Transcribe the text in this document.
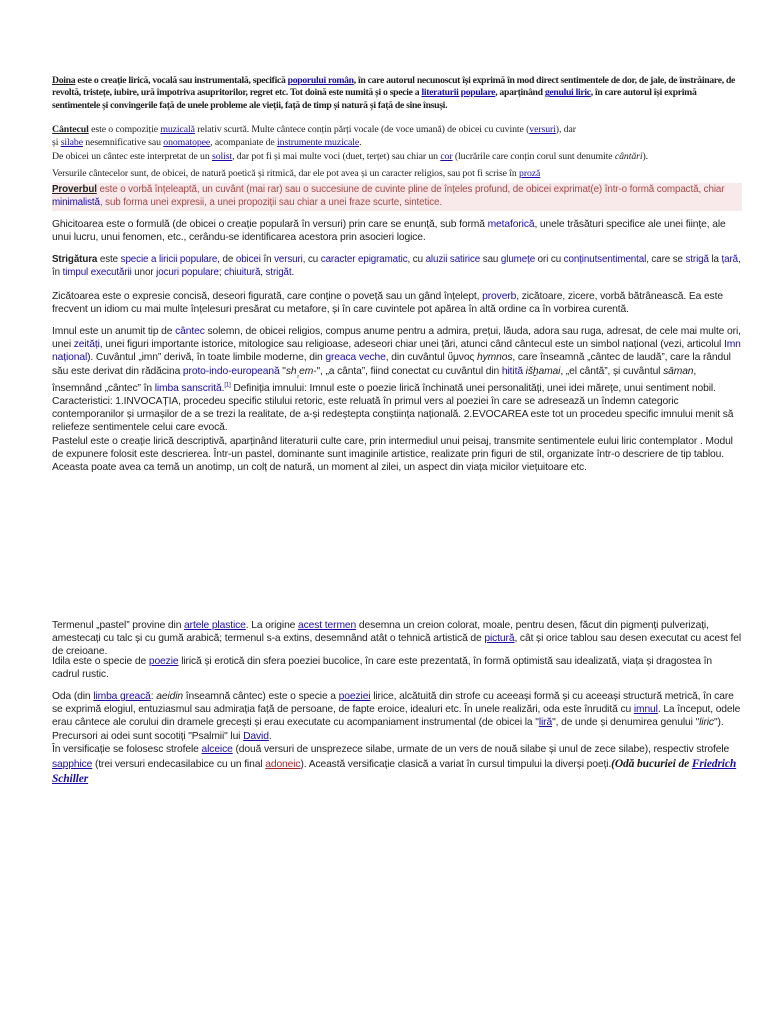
Doina este o creație lirică, vocală sau instrumentală, specifică poporului român, în care autorul necunoscut își exprimă în mod direct sentimentele de dor, de jale, de înstrăinare, de revoltă, tristețe, iubire, ură împotriva asupritorilor, regret etc. Tot doină este numită și o specie a literaturii populare, aparținând genului liric, în care autorul își exprimă sentimentele și convingerile față de unele probleme ale vieții, față de timp și natură și față de sine însuși.

Cântecul este o compoziție muzicală relativ scurtă. Multe cântece conțin părți vocale (de voce umană) de obicei cu cuvinte (versuri), dar
și silabe nesemnificative sau onomatopee, acompaniate de instrumente muzicale.

De obicei un cântec este interpretat de un solist, dar pot fi și mai multe voci (duet, terțet) sau chiar un cor (lucrările care conțin corul sunt denumite cântări).

Versurile cântecelor sunt, de obicei, de natură poetică și ritmică, dar ele pot avea și un caracter religios, sau pot fi scrise în proză

Proverbul este o vorbă înțeleaptă, un cuvânt (mai rar) sau o succesiune de cuvinte pline de înțeles profund, de obicei exprimat(e) într-o formă compactă, chiar minimalistă, sub forma unei expresii, a unei propoziții sau chiar a unei fraze scurte, sintetice.

Ghicitoarea este o formulă (de obicei o creație populară în versuri) prin care se enunță, sub formă metaforică, unele trăsături specifice ale unei ființe, ale unui lucru, unui fenomen, etc., cerându-se identificarea acestora prin asocieri logice.

Strigătura este specie a liricii populare, de obicei în versuri, cu caracter epigramatic, cu aluzii satirice sau glumețe ori cu conținutsentimental, care se strigă la țară, în timpul executării unor jocuri populare; chiuitură, strigăt.

Zicătoarea este o expresie concisă, deseori figurată, care conține o poveță sau un gând înțelept, proverb, zicătoare, zicere, vorbă bătrânească. Ea este frecvent un idiom cu mai multe înțelesuri presărat cu metafore, și în care cuvintele pot apărea în altă ordine ca în vorbirea curentă.

Imnul este un anumit tip de cântec solemn, de obicei religios, compus anume pentru a admira, prețui, lăuda, adora sau ruga, adresat, de cele mai multe ori, unei zeități, unei figuri importante istorice, mitologice sau religioase, adeseori chiar unei țări, atunci când cântecul este un simbol național (vezi, articolul Imn național). Cuvântul „imn” derivă, în toate limbile moderne, din greaca veche, din cuvântul ὕμνος hymnos, care înseamnă „cântec de laudă”, care la rândul său este derivat din rădăcina proto-indo-europeană "$sh_{_2}em-$", „a cânta”, fiind conectat cu cuvântul din hitită išḫamai, „el cântă”, și cuvântul sāman, însemnând „cântec” în limba sanscrită.[1] Definiția imnului: Imnul este o poezie lirică închinată unei personalități, unei idei mărețe, unui sentiment nobil. Caracteristici: 1.INVOCAȚIA, procedeu specific stilului retoric, este reluată în primul vers al poeziei în care se adresează un îndemn categoric contemporanilor și urmașilor de a se trezi la realitate, de a-și redeștepta conștiința națională. 2.EVOCAREA este tot un procedeu specific imnului menit să reliefeze sentimentele celui care evocă.

Pastelul este o creație lirică descriptivă, aparținând literaturii culte care, prin intermediul unui peisaj, transmite sentimentele eului liric contemplator . Modul de expunere folosit este descrierea. Într-un pastel, dominante sunt imaginile artistice, realizate prin figuri de stil, organizate într-o descriere de tip tablou. Aceasta poate avea ca temă un anotimp, un colț de natură, un moment al zilei, un aspect din viața micilor viețuitoare etc.

Termenul „pastel” provine din artele plastice. La origine acest termen desemna un creion colorat, moale, pentru desen, făcut din pigmenți pulverizați, amestecați cu talc și cu gumă arabică; termenul s-a extins, desemnând atât o tehnică artistică de pictură, cât și orice tablou sau desen executat cu acest fel de creioane.

Idila este o specie de poezie lirică și erotică din sfera poeziei bucolice, în care este prezentată, în formă optimistă sau idealizată, viața și dragostea în cadrul rustic.

Oda (din limba greacă: aeidin înseamnă cântec) este o specie a poeziei lirice, alcătuită din strofe cu aceeași formă și cu aceeași structură metrică, în care se exprimă elogiul, entuziasmul sau admirația față de persoane, de fapte eroice, idealuri etc. În unele realizări, oda este înrudită cu imnul. La început, odele erau cântece ale corului din dramele grecești și erau executate cu acompaniament instrumental (de obicei la "liră", de unde și denumirea genului "liric"). Precursori ai odei sunt socotiți "Psalmii" lui David.

În versificație se folosesc strofele alceice (două versuri de unsprezece silabe, urmate de un vers de nouă silabe și unul de zece silabe), respectiv strofele sapphice (trei versuri endecasilabice cu un final adoneic). Această versificație clasică a variat în cursul timpului la diverși poeți.(Odă bucuriei de Friedrich Schiller
